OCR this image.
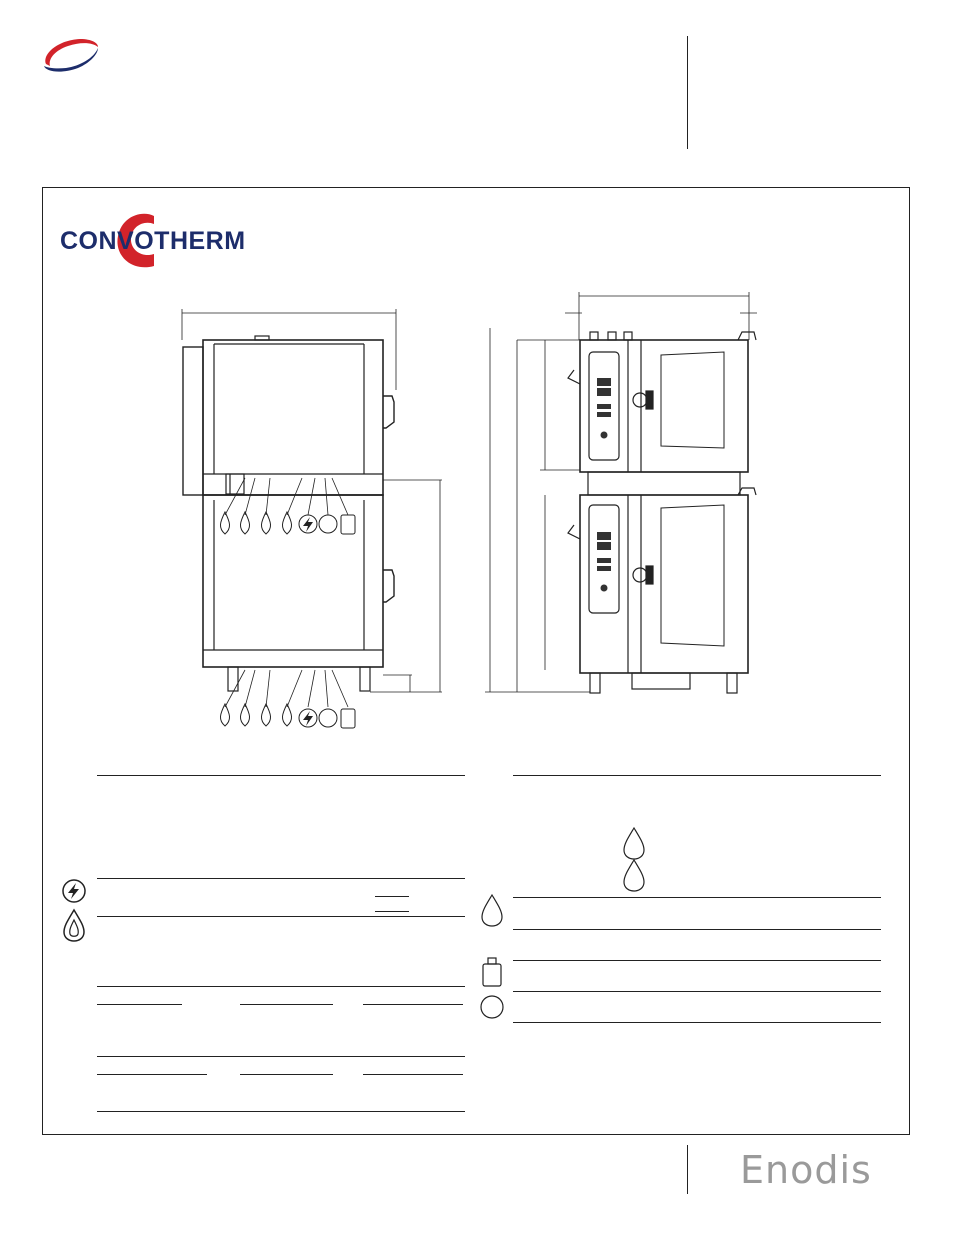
CONVOTHERM
Enodis
